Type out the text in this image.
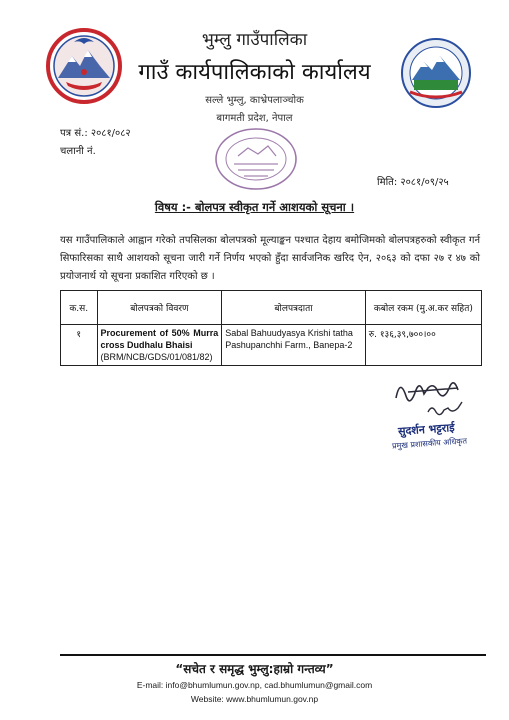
भुम्लु गाउँपालिका
गाउँ कार्यपालिकाको कार्यालय
सल्ले भुम्लु, काभ्रेपलाञ्चोक
बागमती प्रदेश, नेपाल
पत्र सं.: २०८१/०८२
चलानी नं.
मिति: २०८१/०९/२५
विषय :- बोलपत्र स्वीकृत गर्ने आशयको सूचना ।
यस गाउँपालिकाले आह्वान गरेको तपसिलका बोलपत्रको मूल्याङ्कन पश्चात देहाय बमोजिमको बोलपत्रहरुको स्वीकृत गर्न सिफारिसका साथै आशयको सूचना जारी गर्ने निर्णय भएको हुँदा सार्वजनिक खरिद ऐन, २०६३ को दफा २७ र ४७ को प्रयोजनार्थ यो सूचना प्रकाशित गरिएको छ ।
क.स.	बोलपत्रको विवरण	बोलपत्रदाता	कबोल रकम (मु.अ.कर सहित)
१	Procurement of 50% Murra cross Dudhalu Bhaisi
(BRM/NCB/GDS/01/081/82)	Sabal Bahuudyasya Krishi tatha Pashupanchhi Farm., Banepa-2	रु. १३६,३९,७००।००
सुदर्शन भट्टराई
प्रमुख प्रशासकीय अधिकृत
“सचेत र समृद्ध भुम्लु:हाम्रो गन्तव्य”
E-mail: info@bhumlumun.gov.np, cad.bhumlumun@gmail.com
Website: www.bhumlumun.gov.np
